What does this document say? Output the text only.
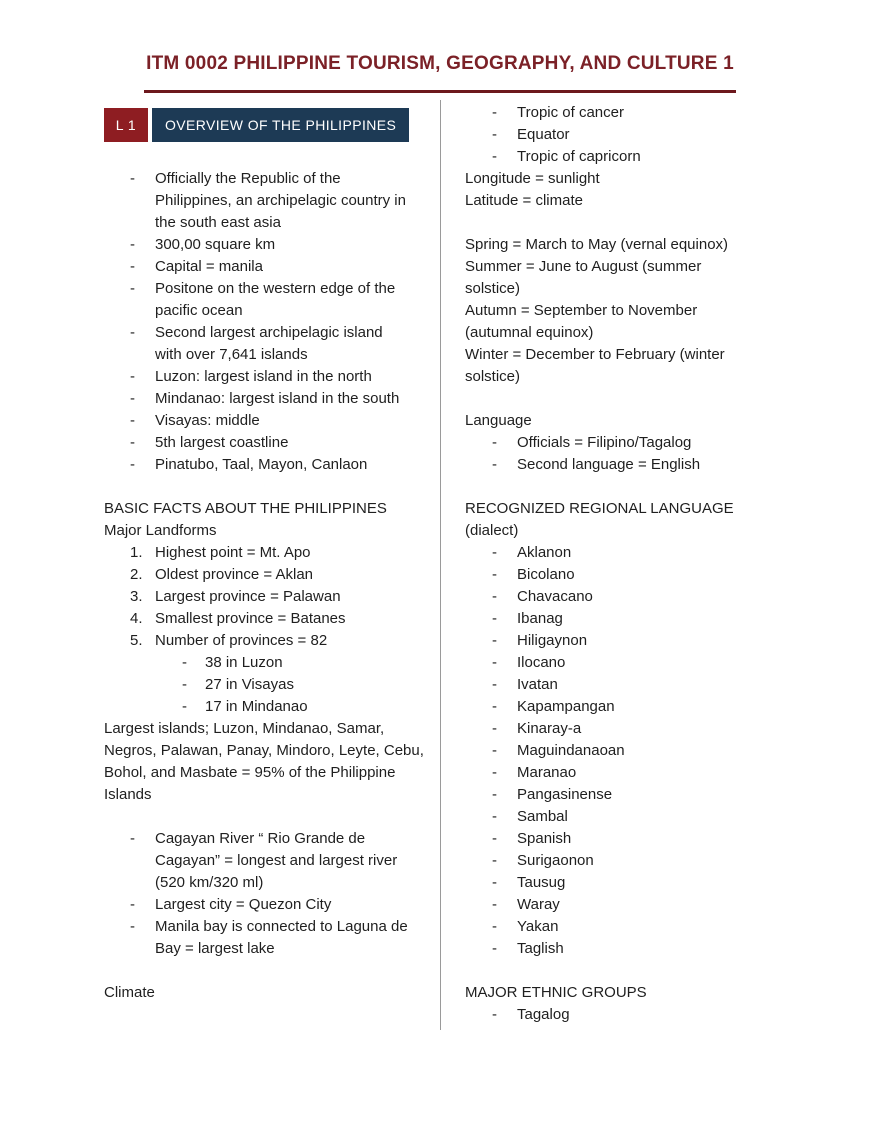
ITM 0002 PHILIPPINE TOURISM, GEOGRAPHY, AND CULTURE 1
L 1	OVERVIEW OF THE PHILIPPINES
- Officially the Republic of the Philippines, an archipelagic country in the south east asia
- 300,00 square km
- Capital = manila
- Positone on the western edge of the pacific ocean
- Second largest archipelagic island with over 7,641 islands
- Luzon: largest island in the north
- Mindanao: largest island in the south
- Visayas: middle
- 5th largest coastline
- Pinatubo, Taal, Mayon, Canlaon

BASIC FACTS ABOUT THE PHILIPPINES

Major Landforms

Highest point = Mt. Apo
Oldest province = Aklan
Largest province = Palawan
Smallest province = Batanes
Number of provinces = 82
- 38 in Luzon
- 27 in Visayas
- 17 in Mindanao

Largest islands; Luzon, Mindanao, Samar, Negros, Palawan, Panay, Mindoro, Leyte, Cebu, Bohol, and Masbate = 95% of the Philippine Islands

- Cagayan River “ Rio Grande de Cagayan” = longest and largest river (520 km/320 ml)
- Largest city = Quezon City
- Manila bay is connected to Laguna de Bay = largest lake

Climate

- Tropic of cancer
- Equator
- Tropic of capricorn

Longitude = sunlight

Latitude = climate

Spring = March to May (vernal equinox)
Summer = June to August (summer solstice)
Autumn = September to November (autumnal equinox)
Winter = December to February (winter solstice)

Language

- Officials = Filipino/Tagalog
- Second language = English

RECOGNIZED REGIONAL LANGUAGE (dialect)

- Aklanon
- Bicolano
- Chavacano
- Ibanag
- Hiligaynon
- Ilocano
- Ivatan
- Kapampangan
- Kinaray-a
- Maguindanaoan
- Maranao
- Pangasinense
- Sambal
- Spanish
- Surigaonon
- Tausug
- Waray
- Yakan
- Taglish

MAJOR ETHNIC GROUPS

- Tagalog
